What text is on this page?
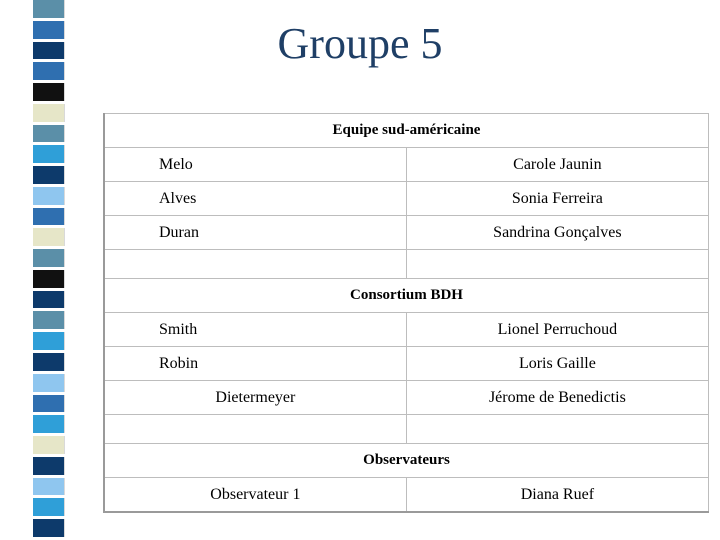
Groupe 5
Equipe sud-américaine	
Melo	Carole Jaunin
Alves	Sonia Ferreira
Duran	Sandrina Gonçalves

Consortium BDH	
Smith	Lionel Perruchoud
Robin	Loris Gaille
Dietermeyer	Jérome de Benedictis

Observateurs	
Observateur 1	Diana Ruef
